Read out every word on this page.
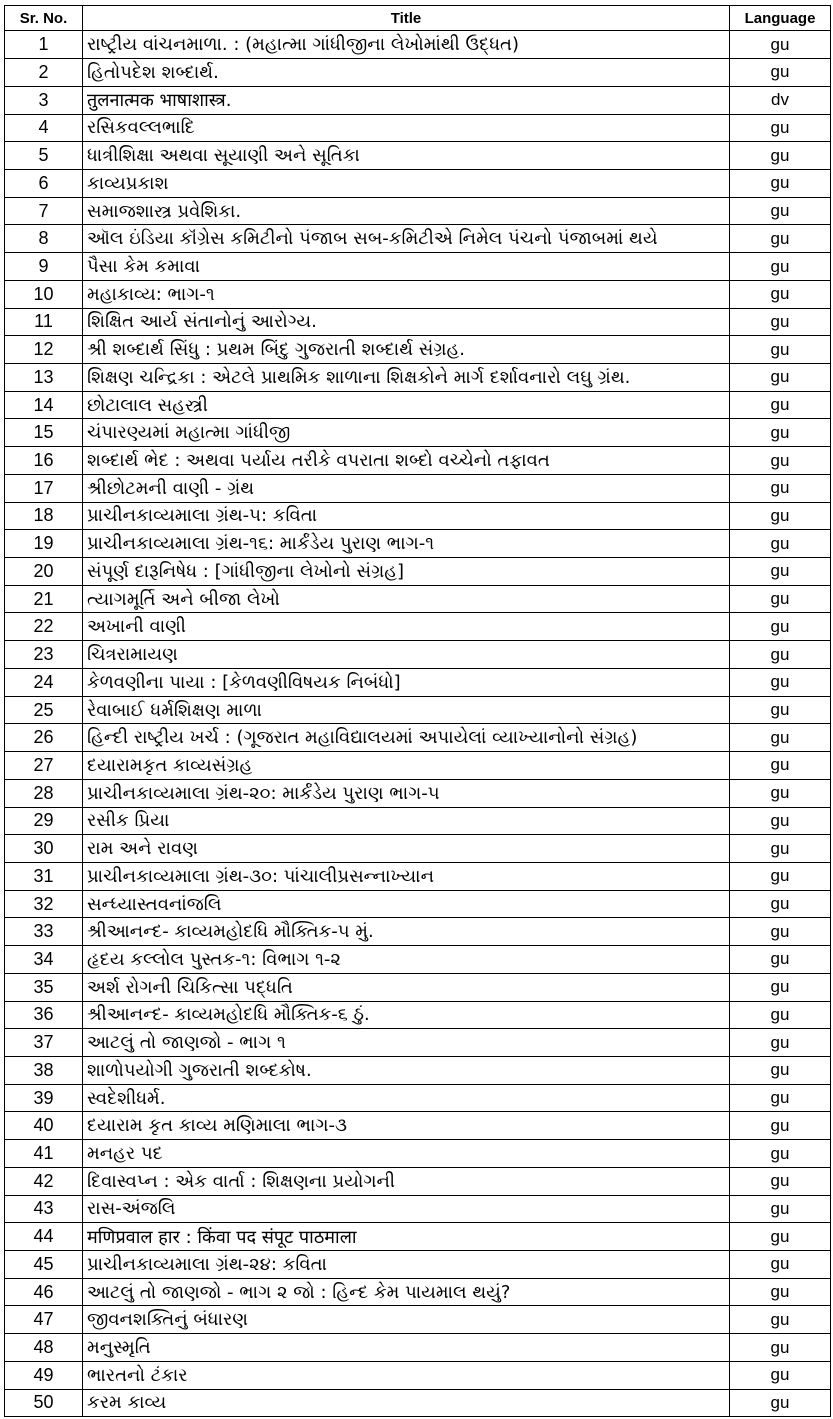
Sr. No.	Title	Language
1	રાષ્ટ્રીય વાંચનમાળા. : (મહાત્મા ગાંધીજીના લેખોમાંથી ઉદ્ધત)	gu
2	હિતોપદેશ શબ્દાર્થ.	gu
3	तुलनात्मक भाषाशास्त्र.	dv
4	રસિકવલ્લભાદિ	gu
5	ધાત્રીશિક્ષા અથવા સૂયાણી અને સૂતિકા	gu
6	કાવ્યપ્રકાશ	gu
7	સમાજશાસ્ત્ર પ્રવેશિકા.	gu
8	ઑલ ઇંડિયા કૉંગ્રેસ કમિટીનો પંજાબ સબ-કમિટીએ નિમેલ પંચનો પંજાબમાં થયે	gu
9	પૈસા કેમ કમાવા	gu
10	મહાકાવ્ય: ભાગ-૧	gu
11	શિક્ષિત આર્ય સંતાનોનું આરોગ્ય.	gu
12	શ્રી શબ્દાર્થ સિંધુ : પ્રથમ બિંદુ ગુજરાતી શબ્દાર્થ સંગ્રહ.	gu
13	શિક્ષણ ચન્દ્રિકા : એટલે પ્રાથમિક શાળાના શિક્ષકોને માર્ગ દર્શાવનારો લઘુ ગ્રંથ.	gu
14	છોટાલાલ સહસ્ત્રી	gu
15	ચંપારણ્યમાં મહાત્મા ગાંધીજી	gu
16	શબ્દાર્થ ભેદ : અથવા પર્યાય તરીકે વપરાતા શબ્દો વચ્ચેનો તફાવત	gu
17	શ્રીછોટમની વાણી - ગ્રંથ	gu
18	પ્રાચીનકાવ્યમાલા ગ્રંથ-૫: કવિતા	gu
19	પ્રાચીનકાવ્યમાલા ગ્રંથ-૧૬: માર્કંડેય પુરાણ ભાગ-૧	gu
20	સંપૂર્ણ દારૂનિષેધ : [ગાંધીજીના લેખોનો સંગ્રહ]	gu
21	ત્યાગમૂર્તિ અને બીજા લેખો	gu
22	અખાની વાણી	gu
23	ચિત્રરામાયણ	gu
24	કેળવણીના પાયા : [કેળવણીવિષયક નિબંધો]	gu
25	રેવાબાઈ ધર્મશિક્ષણ માળા	gu
26	હિન્દી રાષ્ટ્રીય ખર્ચ : (ગૂજરાત મહાવિદ્યાલયમાં અપાયેલાં વ્યાખ્યાનોનો સંગ્રહ)	gu
27	દયારામકૃત કાવ્યસંગ્રહ	gu
28	પ્રાચીનકાવ્યમાલા ગ્રંથ-૨૦: માર્કંડેય પુરાણ ભાગ-૫	gu
29	રસીક પ્રિયા	gu
30	રામ અને રાવણ	gu
31	પ્રાચીનકાવ્યમાલા ગ્રંથ-૩૦: પાંચાલીપ્રસન્નાખ્યાન	gu
32	સન્ધ્યાસ્તવનાંજલિ	gu
33	શ્રીઆનન્દ- કાવ્યમહોદધિ મૌક્તિક-૫ મું.	gu
34	હૃદય કલ્લોલ પુસ્તક-૧: વિભાગ ૧-૨	gu
35	અર્શ રોગની ચિકિત્સા પદ્ધતિ	gu
36	શ્રીઆનન્દ- કાવ્યમહોદધિ મૌક્તિક-૬ ઠું.	gu
37	આટલું તો જાણજો - ભાગ ૧	gu
38	શાળોપયોગી ગુજરાતી શબ્દકોષ.	gu
39	સ્વદેશીધર્મ.	gu
40	દયારામ કૃત કાવ્ય મણિમાલા ભાગ-૩	gu
41	મનહર પદ	gu
42	દિવાસ્વપ્ન : એક વાર્તા : શિક્ષણના પ્રયોગની	gu
43	રાસ-અંજલિ	gu
44	मणिप्रवाल हार : किंवा पद संपूट पाठमाला	gu
45	પ્રાચીનકાવ્યમાલા ગ્રંથ-૨૪: કવિતા	gu
46	આટલું તો જાણજો - ભાગ ૨ જો : હિન્દ કેમ પાયમાલ થયું?	gu
47	જીવનશક્તિનું બંધારણ	gu
48	મનુસ્મૃતિ	gu
49	ભારતનો ટંકાર	gu
50	કરમ કાવ્ય	gu
